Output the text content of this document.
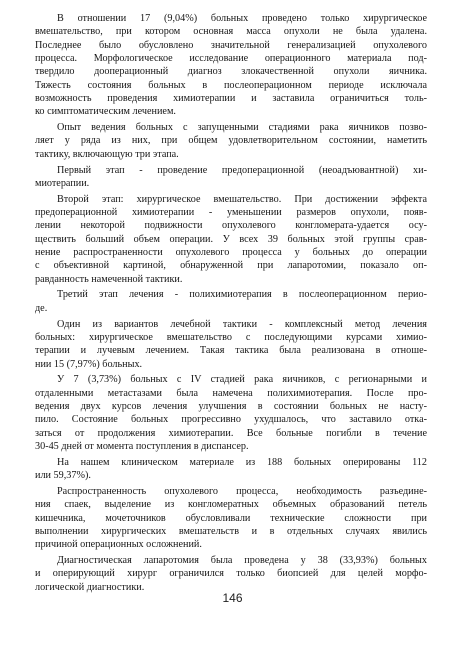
В отношении 17 (9,04%) больных проведено только хирургическое
вмешательство, при котором основная масса опухоли не была удалена.
Последнее было обусловлено значительной генерализацией опухолевого
процесса. Морфологическое исследование операционного материала под-
твердило дооперационный диагноз злокачественной опухоли яичника.
Тяжесть состояния больных в послеоперационном периоде исключала
возможность проведения химиотерапии и заставила ограничиться толь-
ко симптоматическим лечением.
Опыт ведения больных с запущенными стадиями рака яичников позво-
ляет у ряда из них, при общем удовлетворительном состоянии, наметить
тактику, включающую три этапа.
Первый этап - проведение предоперационной (неоадъювантной) хи-
миотерапии.
Второй этап: хирургическое вмешательство. При достижении эффекта
предоперационной химиотерапии - уменьшении размеров опухоли, появ-
лении некоторой подвижности опухолевого конгломерата-удается осу-
ществить больший объем операции. У всех 39 больных этой группы срав-
нение распространенности опухолевого процесса у больных до операции
с объективной картиной, обнаруженной при лапаротомии, показало оп-
равданность намеченной тактики.
Третий этап лечения - полихимиотерапия в послеоперационном перио-
де.
Один из вариантов лечебной тактики - комплексный метод лечения
больных: хирургическое вмешательство с последующими курсами химио-
терапии и лучевым лечением. Такая тактика была реализована в отноше-
нии 15 (7,97%) больных.
У 7 (3,73%) больных с IV стадией рака яичников, с регионарными и
отдаленными метастазами была намечена полихимиотерапия. После про-
ведения двух курсов лечения улучшения в состоянии больных не насту-
пило. Состояние больных прогрессивно ухудшалось, что заставило отка-
заться от продолжения химиотерапии. Все больные погибли в течение
30-45 дней от момента поступления в диспансер.
На нашем клиническом материале из 188 больных оперированы 112
или 59,37%).
Распространенность опухолевого процесса, необходимость разъедине-
ния спаек, выделение из конгломератных объемных образований петель
кишечника, мочеточников обусловливали технические сложности при
выполнении хирургических вмешательств и в отдельных случаях явились
причиной операционных осложнений.
Диагностическая лапаротомия была проведена у 38 (33,93%) больных
и оперирующий хирург ограничился только биопсией для целей морфо-
логической диагностики.
146
